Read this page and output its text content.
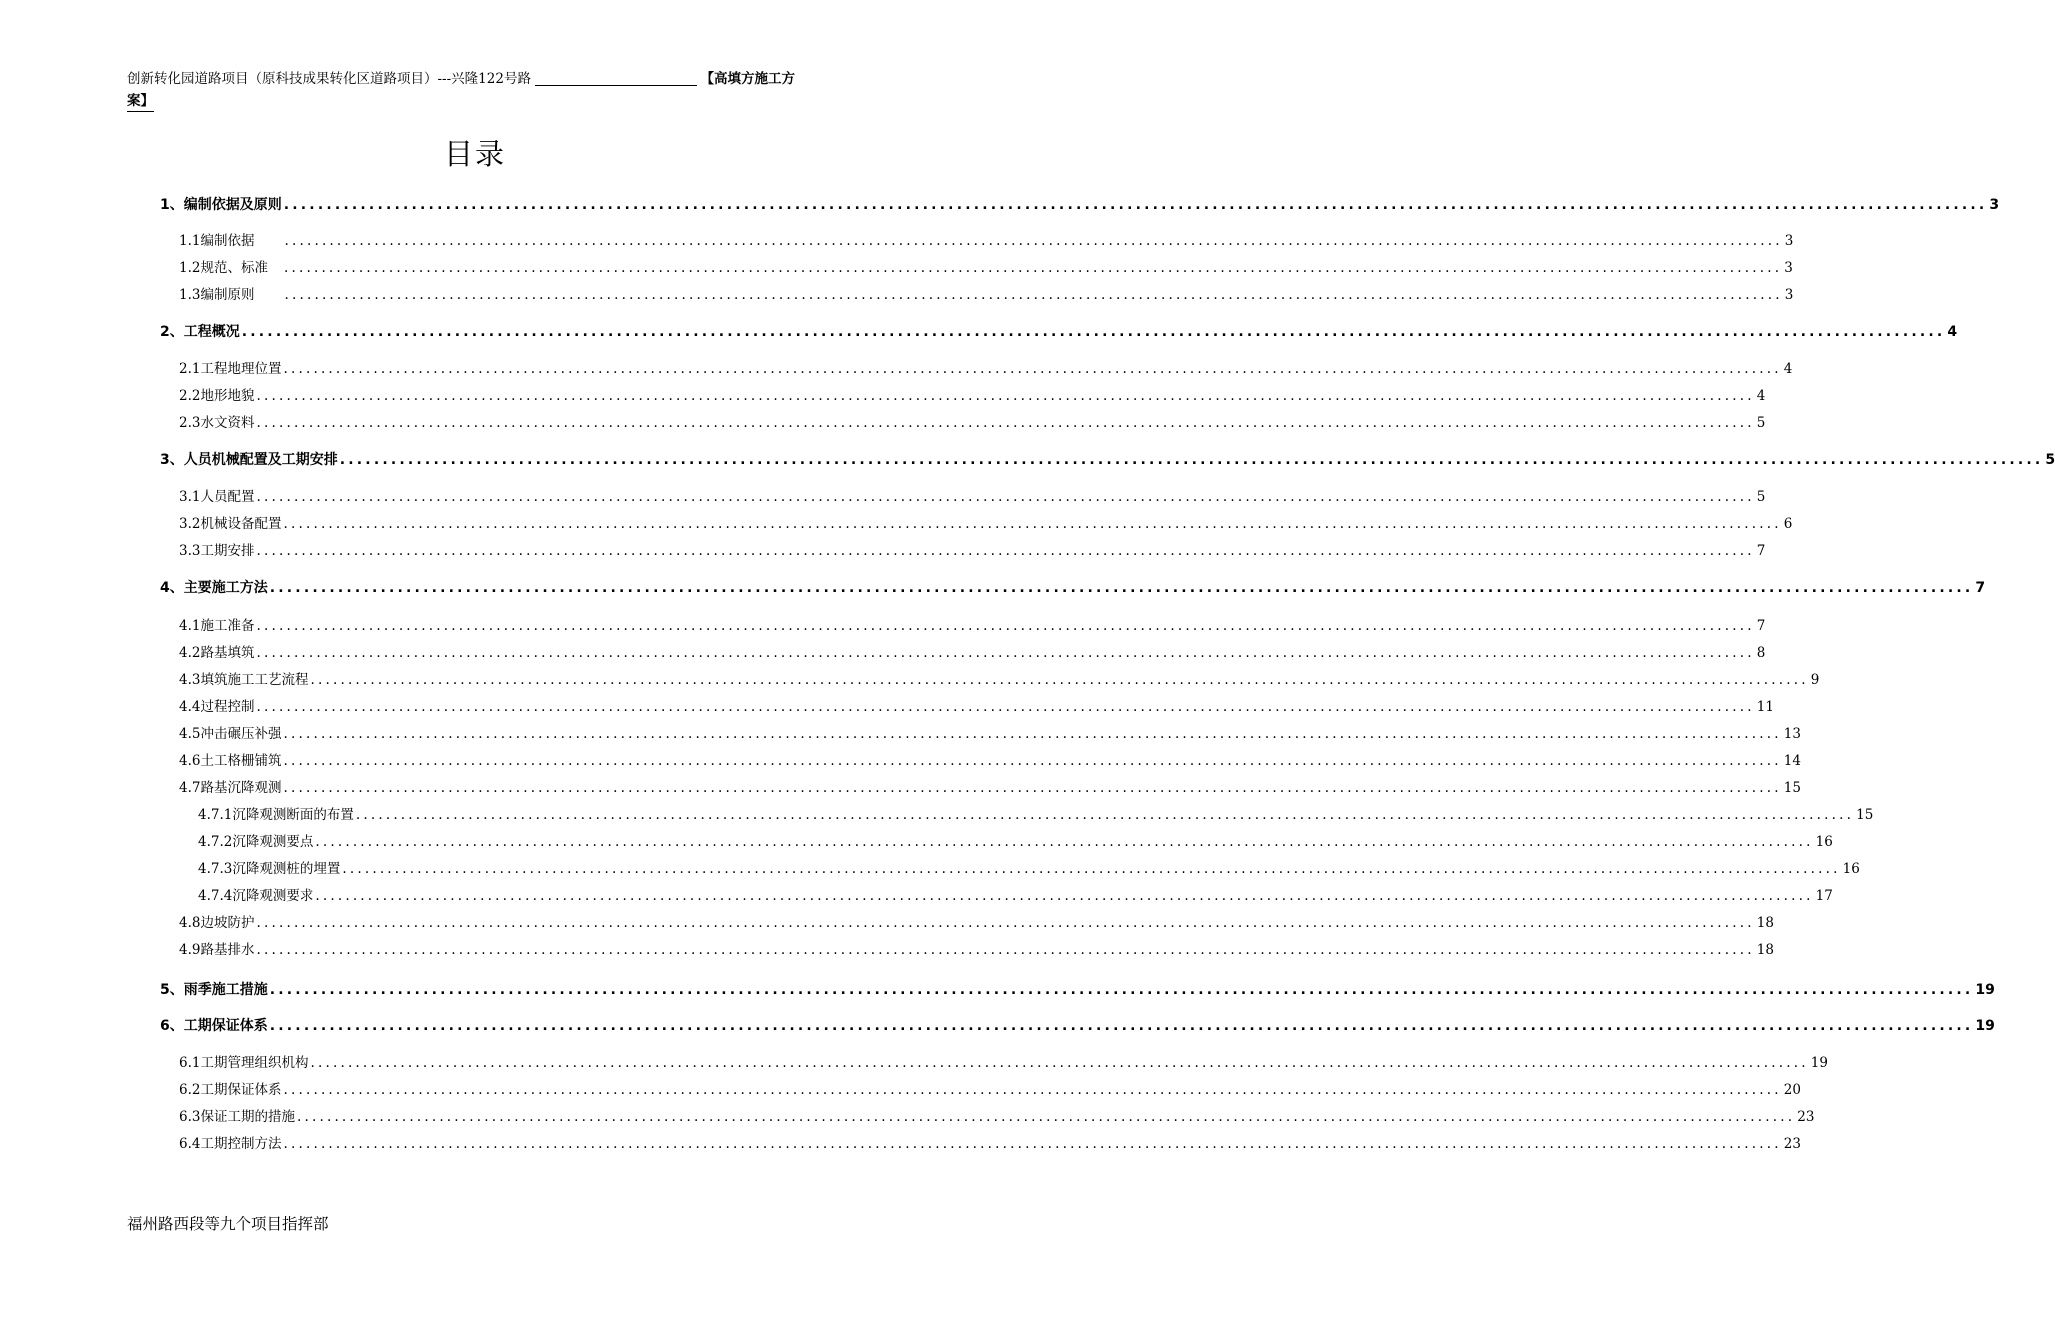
创新转化园道路项目（原科技成果转化区道路项目）---兴隆122号路	【高填方施工方
案】
目录
1、编制依据及原则 ........................................................................................................................................................................................................ 3
1.1编制依据 ........................................................................................................................................................................................................ 3
1.2规范、标准 ........................................................................................................................................................................................................ 3
1.3编制原则 ........................................................................................................................................................................................................ 3
2、工程概况 ........................................................................................................................................................................................................ 4
2.1工程地理位置 ........................................................................................................................................................................................................ 4
2.2地形地貌 ........................................................................................................................................................................................................ 4
2.3水文资料 ........................................................................................................................................................................................................ 5
3、人员机械配置及工期安排 ........................................................................................................................................................................................................ 5
3.1人员配置 ........................................................................................................................................................................................................ 5
3.2机械设备配置 ........................................................................................................................................................................................................ 6
3.3工期安排 ........................................................................................................................................................................................................ 7
4、主要施工方法 ........................................................................................................................................................................................................ 7
4.1施工准备 ........................................................................................................................................................................................................ 7
4.2路基填筑 ........................................................................................................................................................................................................ 8
4.3填筑施工工艺流程 ........................................................................................................................................................................................................ 9
4.4过程控制 ........................................................................................................................................................................................................ 11
4.5冲击碾压补强 ........................................................................................................................................................................................................ 13
4.6土工格栅铺筑 ........................................................................................................................................................................................................ 14
4.7路基沉降观测 ........................................................................................................................................................................................................ 15
4.7.1沉降观测断面的布置 ........................................................................................................................................................................................................ 15
4.7.2沉降观测要点 ........................................................................................................................................................................................................ 16
4.7.3沉降观测桩的埋置 ........................................................................................................................................................................................................ 16
4.7.4沉降观测要求 ........................................................................................................................................................................................................ 17
4.8边坡防护 ........................................................................................................................................................................................................ 18
4.9路基排水 ........................................................................................................................................................................................................ 18
5、雨季施工措施 ........................................................................................................................................................................................................ 19
6、工期保证体系 ........................................................................................................................................................................................................ 19
6.1工期管理组织机构 ........................................................................................................................................................................................................ 19
6.2工期保证体系 ........................................................................................................................................................................................................ 20
6.3保证工期的措施 ........................................................................................................................................................................................................ 23
6.4工期控制方法 ........................................................................................................................................................................................................ 23
福州路西段等九个项目指挥部
